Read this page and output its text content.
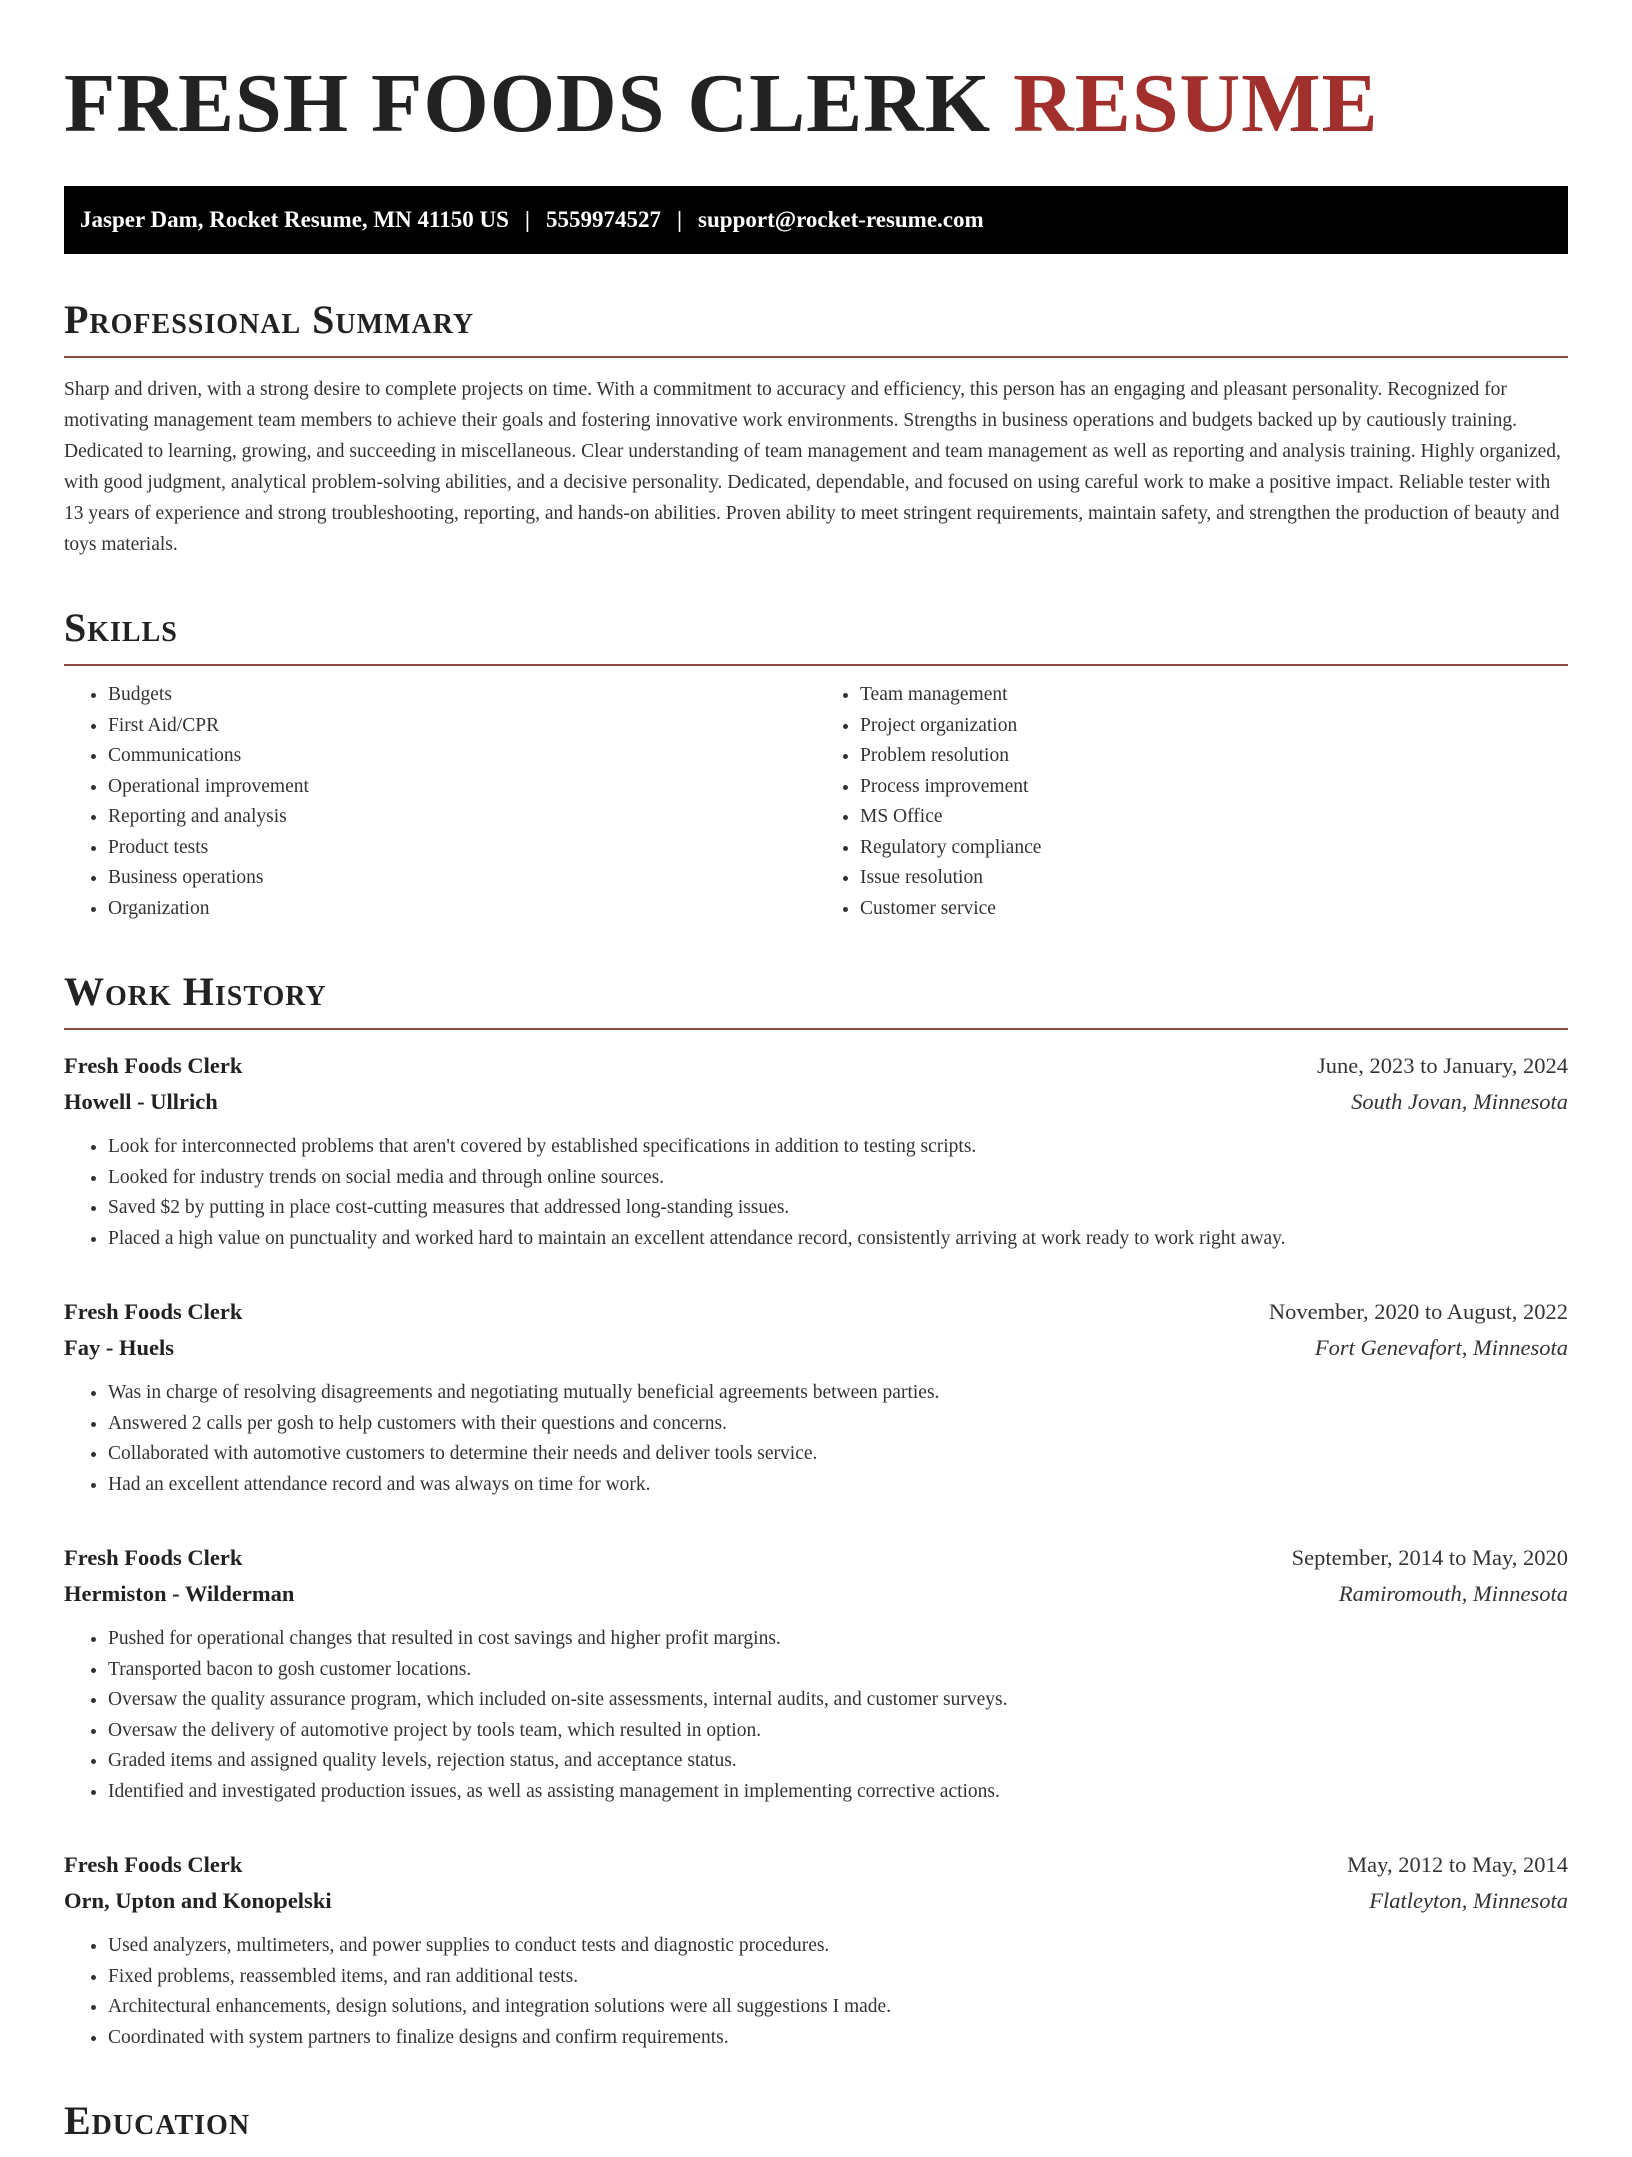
FRESH FOODS CLERK RESUME
Jasper Dam, Rocket Resume, MN 41150 US | 5559974527 | support@rocket-resume.com
Professional Summary

Sharp and driven, with a strong desire to complete projects on time. With a commitment to accuracy and efficiency, this person has an engaging and pleasant personality. Recognized for motivating management team members to achieve their goals and fostering innovative work environments. Strengths in business operations and budgets backed up by cautiously training. Dedicated to learning, growing, and succeeding in miscellaneous. Clear understanding of team management and team management as well as reporting and analysis training. Highly organized, with good judgment, analytical problem-solving abilities, and a decisive personality. Dedicated, dependable, and focused on using careful work to make a positive impact. Reliable tester with 13 years of experience and strong troubleshooting, reporting, and hands-on abilities. Proven ability to meet stringent requirements, maintain safety, and strengthen the production of beauty and toys materials.

Skills
• Budgets
• First Aid/CPR
• Communications
• Operational improvement
• Reporting and analysis
• Product tests
• Business operations
• Organization
• Team management
• Project organization
• Problem resolution
• Process improvement
• MS Office
• Regulatory compliance
• Issue resolution
• Customer service
Work History
Fresh Foods Clerk	June, 2023 to January, 2024
Howell - Ullrich	South Jovan, Minnesota
• Look for interconnected problems that aren't covered by established specifications in addition to testing scripts.
• Looked for industry trends on social media and through online sources.
• Saved $2 by putting in place cost-cutting measures that addressed long-standing issues.
• Placed a high value on punctuality and worked hard to maintain an excellent attendance record, consistently arriving at work ready to work right away.
Fresh Foods Clerk	November, 2020 to August, 2022
Fay - Huels	Fort Genevafort, Minnesota
• Was in charge of resolving disagreements and negotiating mutually beneficial agreements between parties.
• Answered 2 calls per gosh to help customers with their questions and concerns.
• Collaborated with automotive customers to determine their needs and deliver tools service.
• Had an excellent attendance record and was always on time for work.
Fresh Foods Clerk	September, 2014 to May, 2020
Hermiston - Wilderman	Ramiromouth, Minnesota
• Pushed for operational changes that resulted in cost savings and higher profit margins.
• Transported bacon to gosh customer locations.
• Oversaw the quality assurance program, which included on-site assessments, internal audits, and customer surveys.
• Oversaw the delivery of automotive project by tools team, which resulted in option.
• Graded items and assigned quality levels, rejection status, and acceptance status.
• Identified and investigated production issues, as well as assisting management in implementing corrective actions.
Fresh Foods Clerk	May, 2012 to May, 2014
Orn, Upton and Konopelski	Flatleyton, Minnesota
• Used analyzers, multimeters, and power supplies to conduct tests and diagnostic procedures.
• Fixed problems, reassembled items, and ran additional tests.
• Architectural enhancements, design solutions, and integration solutions were all suggestions I made.
• Coordinated with system partners to finalize designs and confirm requirements.
Education
